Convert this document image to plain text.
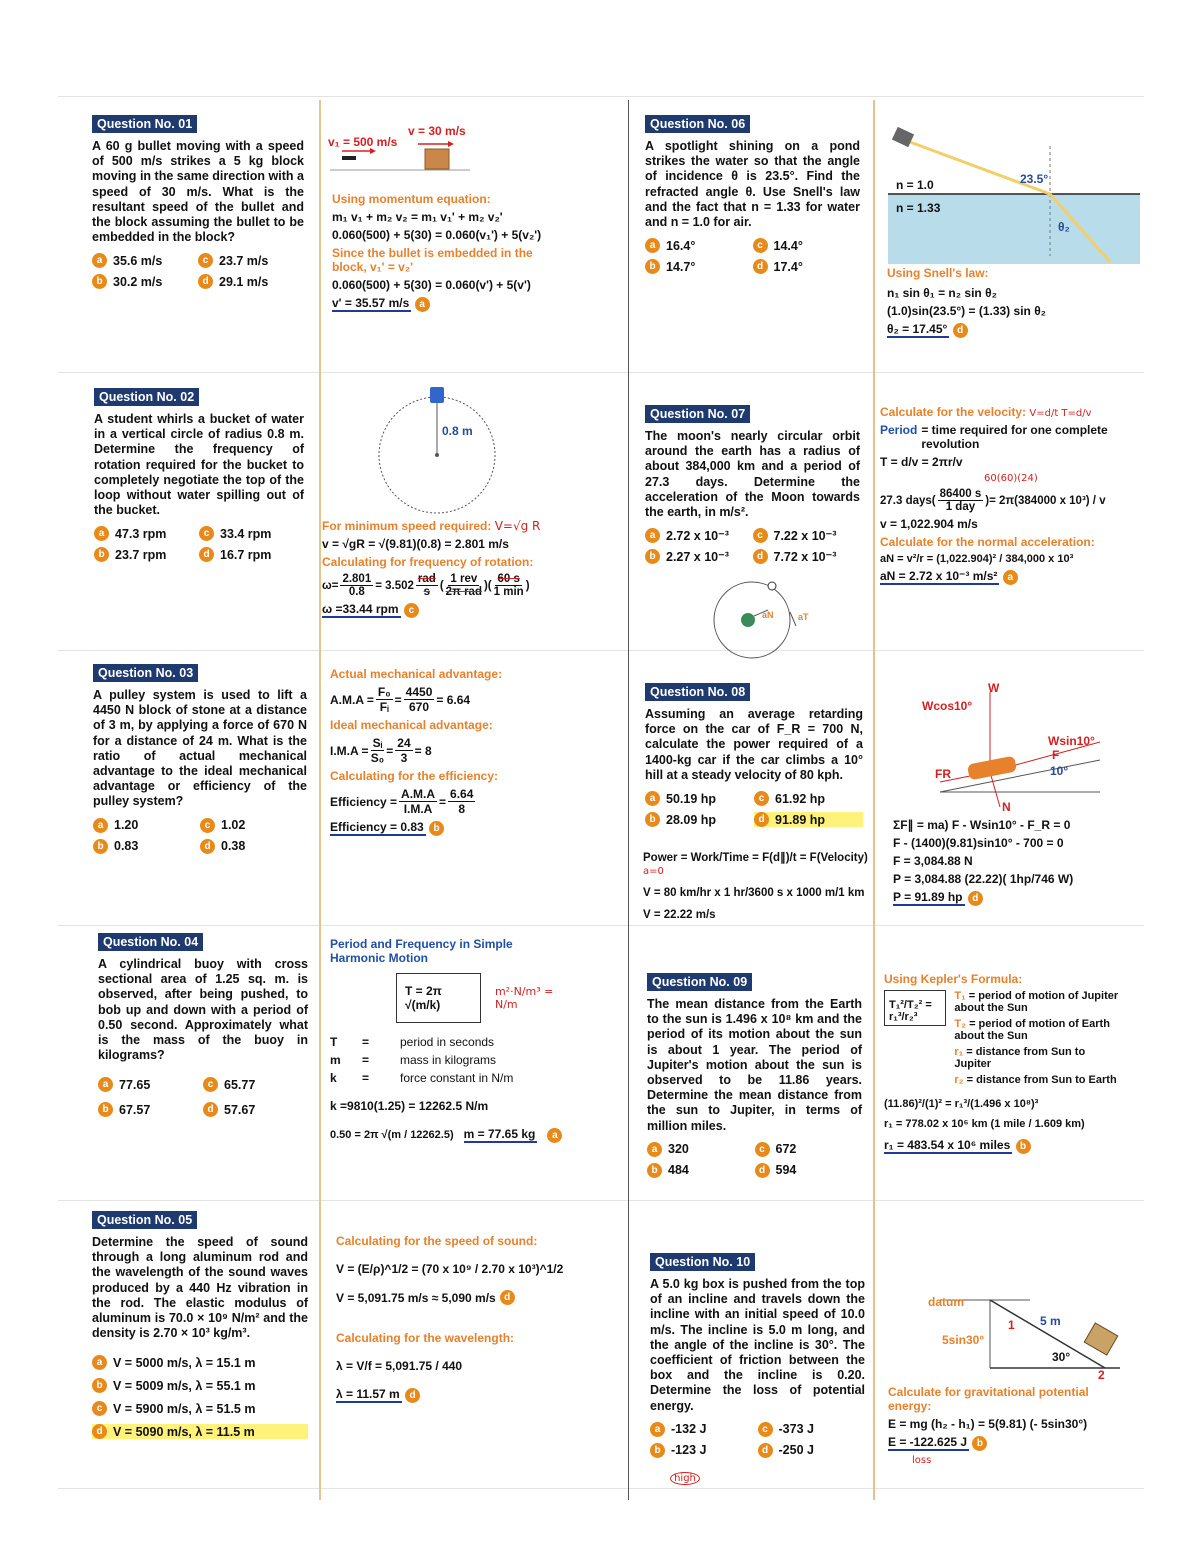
Question No. 01
A 60 g bullet moving with a speed of 500 m/s strikes a 5 kg block moving in the same direction with a speed of 30 m/s. What is the resultant speed of the bullet and the block assuming the bullet to be embedded in the block?
a 35.6 m/s	c 23.7 m/s
b 30.2 m/s	d 29.1 m/s
v₁ = 500 m/s
v = 30 m/s
Using momentum equation:
m₁ v₁ + m₂ v₂ = m₁ v₁' + m₂ v₂'
0.060(500) + 5(30) = 0.060(v₁') + 5(v₂')
Since the bullet is embedded in the block, v₁' = v₂'
0.060(500) + 5(30) = 0.060(v') + 5(v')
v' = 35.57 m/s a
Question No. 02
A student whirls a bucket of water in a vertical circle of radius 0.8 m. Determine the frequency of rotation required for the bucket to completely negotiate the top of the loop without water spilling out of the bucket.
a 47.3 rpm	c 33.4 rpm
b 23.7 rpm	d 16.7 rpm
0.8 m
For minimum speed required: V=√g R
v = √gR = √(9.81)(0.8) = 2.801 m/s
Calculating for frequency of rotation:
$\omega= \frac{2.801}{0.8} = 3.502 \frac{\text{rad}}{s}$ ( $\frac{\text{1 rev}}{\text{2π rad}}$ )( $\frac{60 s}{1 \min}$ )
ω =33.44 rpm c
Question No. 03
A pulley system is used to lift a 4450 N block of stone at a distance of 3 m, by applying a force of 670 N for a distance of 24 m. What is the ratio of actual mechanical advantage to the ideal mechanical advantage or efficiency of the pulley system?
a 1.20	c 1.02
b 0.83	d 0.38
Actual mechanical advantage:
$A.M.A = \frac{\text{F₀}}{\text{Fᵢ}} = \frac{4450}{670} = 6.64$
Ideal mechanical advantage:
$I.M.A = \frac{\text{Sᵢ}}{\text{S₀}} = \frac{24}{3} = 8$
Calculating for the efficiency:
Efficiency = $\frac{A.M.A}{I.M.A} = \frac{6.64}{8}$
Efficiency = 0.83 b
Question No. 04
A cylindrical buoy with cross sectional area of 1.25 sq. m. is observed, after being pushed, to bob up and down with a period of 0.50 second. Approximately what is the mass of the buoy in kilograms?
a 77.65	c 65.77
b 67.57	d 57.67
Period and Frequency in Simple Harmonic Motion
T = 2π √(m/k)
m²·N/m³ = N/m
T	=	period in seconds
m	=	mass in kilograms
k	=	force constant in N/m
k =9810(1.25) = 12262.5 N/m
0.50 = 2π √(m / 12262.5) m = 77.65 kg	a
Question No. 05
Determine the speed of sound through a long aluminum rod and the wavelength of the sound waves produced by a 440 Hz vibration in the rod. The elastic modulus of aluminum is 70.0 × 10⁹ N/m² and the density is 2.70 × 10³ kg/m³.
a V = 5000 m/s, λ = 15.1 m
b V = 5009 m/s, λ = 55.1 m
c V = 5900 m/s, λ = 51.5 m
d V = 5090 m/s, λ = 11.5 m
Calculating for the speed of sound:
V = (E/ρ)^1/2 = (70 x 10⁹ / 2.70 x 10³)^1/2
V = 5,091.75 m/s ≈ 5,090 m/s d
Calculating for the wavelength:
λ = V/f = 5,091.75 / 440
λ = 11.57 m d
Question No. 06
A spotlight shining on a pond strikes the water so that the angle of incidence θ is 23.5°. Find the refracted angle θ. Use Snell's law and the fact that n = 1.33 for water and n = 1.0 for air.
a 16.4°	c 14.4°
b 14.7°	d 17.4°
n = 1.0
n = 1.33
23.5°
θ₂
Using Snell's law:
n₁ sin θ₁ = n₂ sin θ₂
(1.0)sin(23.5°) = (1.33) sin θ₂
θ₂ = 17.45° d
Question No. 07
The moon's nearly circular orbit around the earth has a radius of about 384,000 km and a period of 27.3 days. Determine the acceleration of the Moon towards the earth, in m/s².
a 2.72 x 10⁻³	c 7.22 x 10⁻³
b 2.27 x 10⁻³	d 7.72 x 10⁻³
aN	aT
Calculate for the velocity: V=d/t T=d/v
Period = time required for one complete revolution
T = d/v = 2πr/v
60(60)(24)
27.3 days ( $\frac{86400 s}{\text{1 day}}$ ) = 2π(384000 x 10³) / v
v = 1,022.904 m/s
Calculate for the normal acceleration:
aN = v²/r = (1,022.904)² / 384,000 x 10³
aN = 2.72 x 10⁻³ m/s² a
Question No. 08
Assuming an average retarding force on the car of F_R = 700 N, calculate the power required of a 1400-kg car if the car climbs a 10° hill at a steady velocity of 80 kph.
a 50.19 hp	c 61.92 hp
b 28.09 hp	d 91.89 hp
Power = Work/Time = F(d∥)/t = F(Velocity)
a=0
V = 80 km/hr x 1 hr/3600 s x 1000 m/1 km
V = 22.22 m/s
W
Wcos10°
Wsin10°
F
FR	10°
N
ΣF∥ = ma) F - Wsin10° - F_R = 0
F - (1400)(9.81)sin10° - 700 = 0
F = 3,084.88 N
P = 3,084.88 (22.22)( 1hp/746 W)
P = 91.89 hp d
Question No. 09
The mean distance from the Earth to the sun is 1.496 x 10⁸ km and the period of its motion about the sun is about 1 year. The period of Jupiter's motion about the sun is observed to be 11.86 years. Determine the mean distance from the sun to Jupiter, in terms of million miles.
a 320	c 672
b 484	d 594
Using Kepler's Formula:
T₁²/T₂² = r₁³/r₂³
T₁ = period of motion of Jupiter about the Sun
T₂ = period of motion of Earth about the Sun
r₁ = distance from Sun to Jupiter
r₂ = distance from Sun to Earth
(11.86)²/(1)² = r₁³/(1.496 x 10⁸)³
r₁ = 778.02 x 10⁶ km (1 mile / 1.609 km)
r₁ = 483.54 x 10⁶ miles b
Question No. 10
A 5.0 kg box is pushed from the top of an incline and travels down the incline with an initial speed of 10.0 m/s. The incline is 5.0 m long, and the angle of the incline is 30°. The coefficient of friction between the box and the incline is 0.20. Determine the loss of potential energy.
a -132 J	c -373 J
b -123 J	d -250 J
high
datum
5sin30°
5 m
1
2
30°
Calculate for gravitational potential energy:
E = mg (h₂ - h₁) = 5(9.81) (- 5sin30°)
E = -122.625 J b
loss
